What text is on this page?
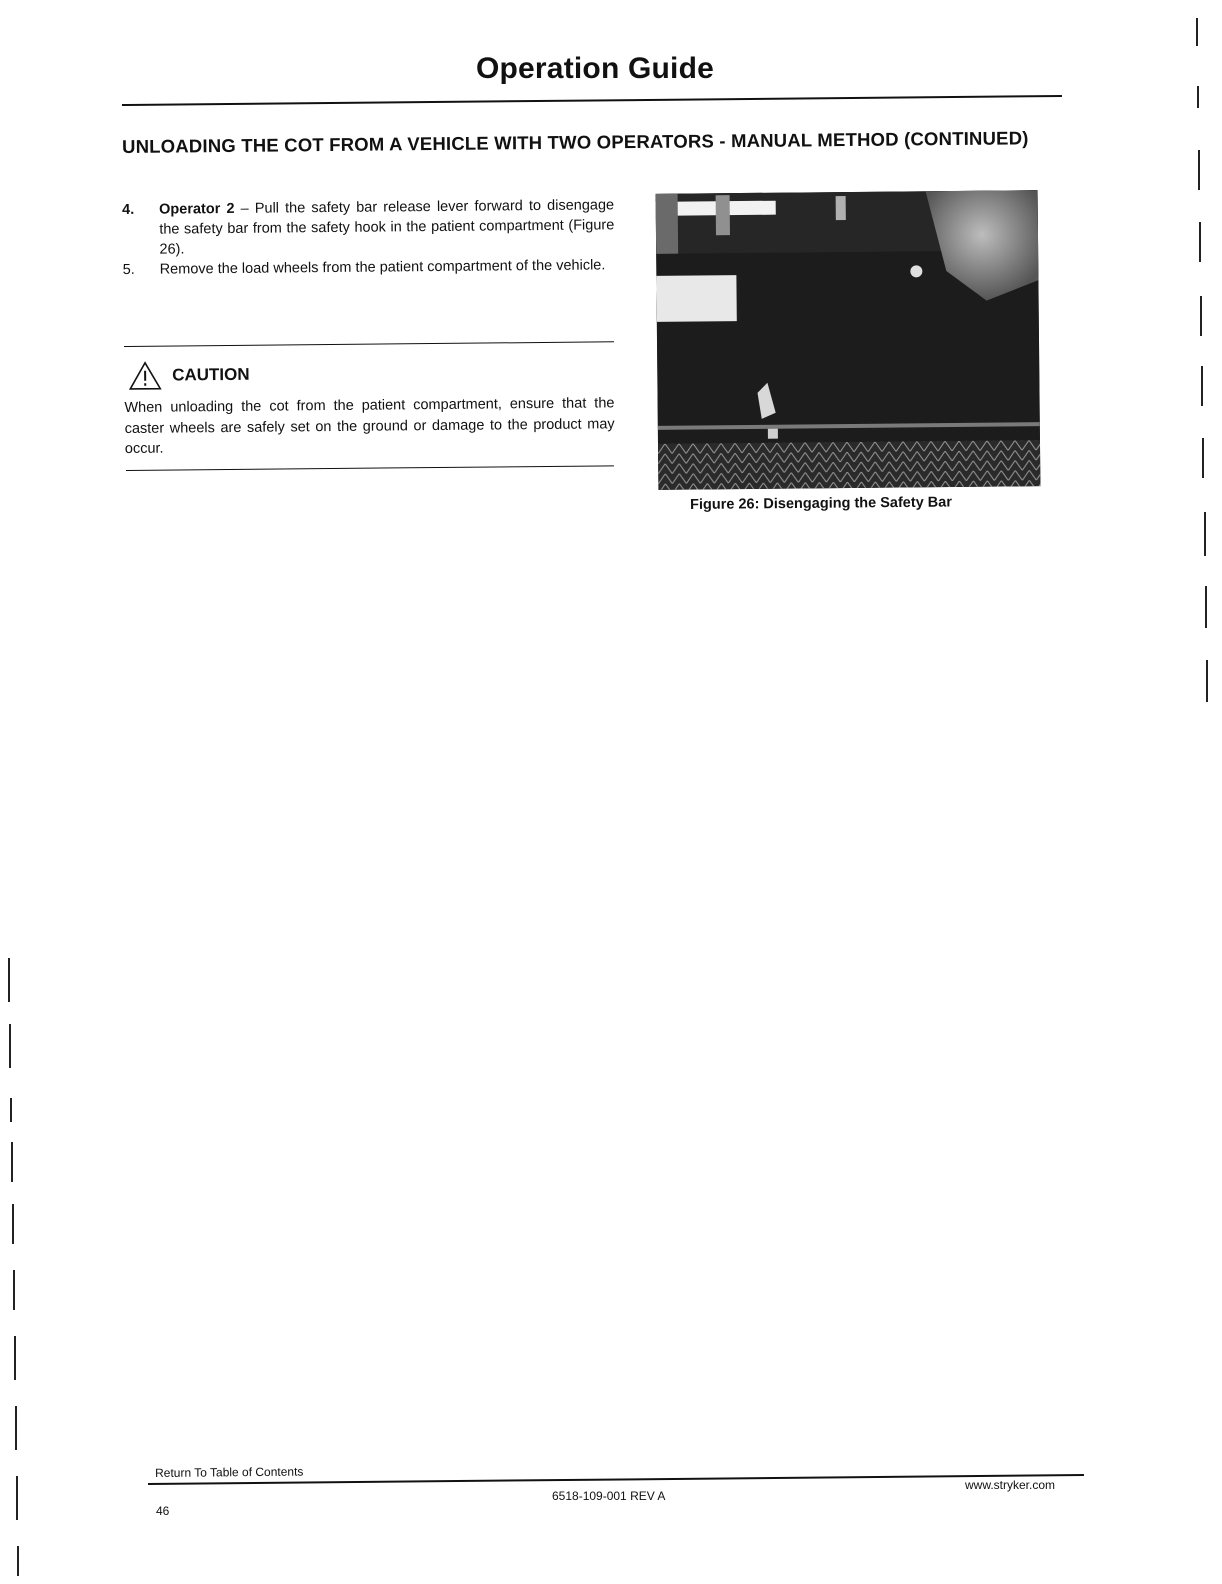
Operation Guide
UNLOADING THE COT FROM A VEHICLE WITH TWO OPERATORS - MANUAL METHOD (CONTINUED)
4.	Operator 2 – Pull the safety bar release lever forward to disengage the safety bar from the safety hook in the patient compartment (Figure 26).
5.	Remove the load wheels from the patient compartment of the vehicle.
CAUTION
When unloading the cot from the patient compartment, ensure that the caster wheels are safely set on the ground or damage to the product may occur.
Figure 26: Disengaging the Safety Bar
Return To Table of Contents
46
6518-109-001 REV A
www.stryker.com
